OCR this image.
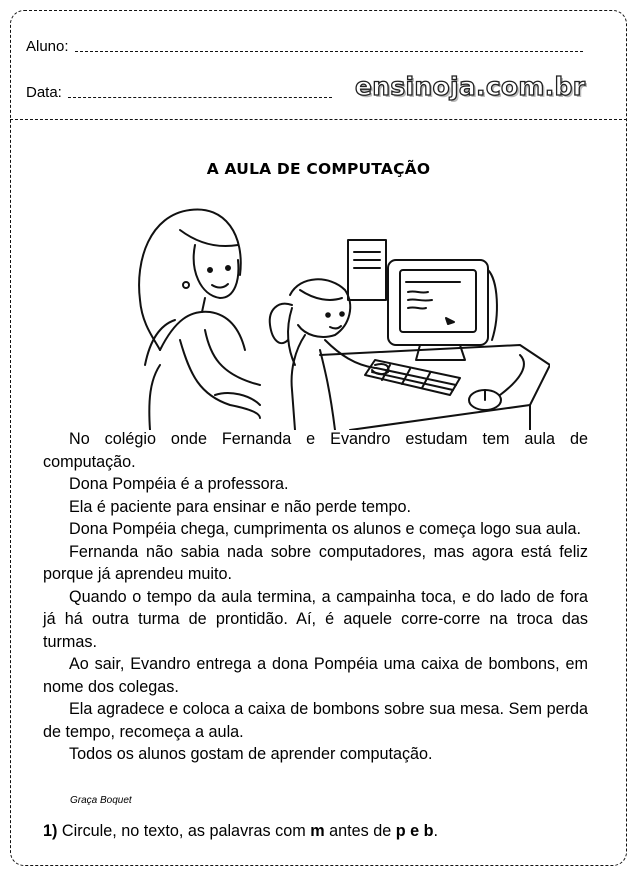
Aluno:
Data:	ensinoja.com.br
A AULA DE COMPUTAÇÃO

No colégio onde Fernanda e Evandro estudam tem aula de computação.

Dona Pompéia é a professora.

Ela é paciente para ensinar e não perde tempo.

Dona Pompéia chega, cumprimenta os alunos e começa logo sua aula.

Fernanda não sabia nada sobre computadores, mas agora está feliz porque já aprendeu muito.

Quando o tempo da aula termina, a campainha toca, e do lado de fora já há outra turma de prontidão. Aí, é aquele corre-corre na troca das turmas.

Ao sair, Evandro entrega a dona Pompéia uma caixa de bombons, em nome dos colegas.

Ela agradece e coloca a caixa de bombons sobre sua mesa. Sem perda de tempo, recomeça a aula.

Todos os alunos gostam de aprender computação.

Graça Boquet
1) Circule, no texto, as palavras com m antes de p e b.
